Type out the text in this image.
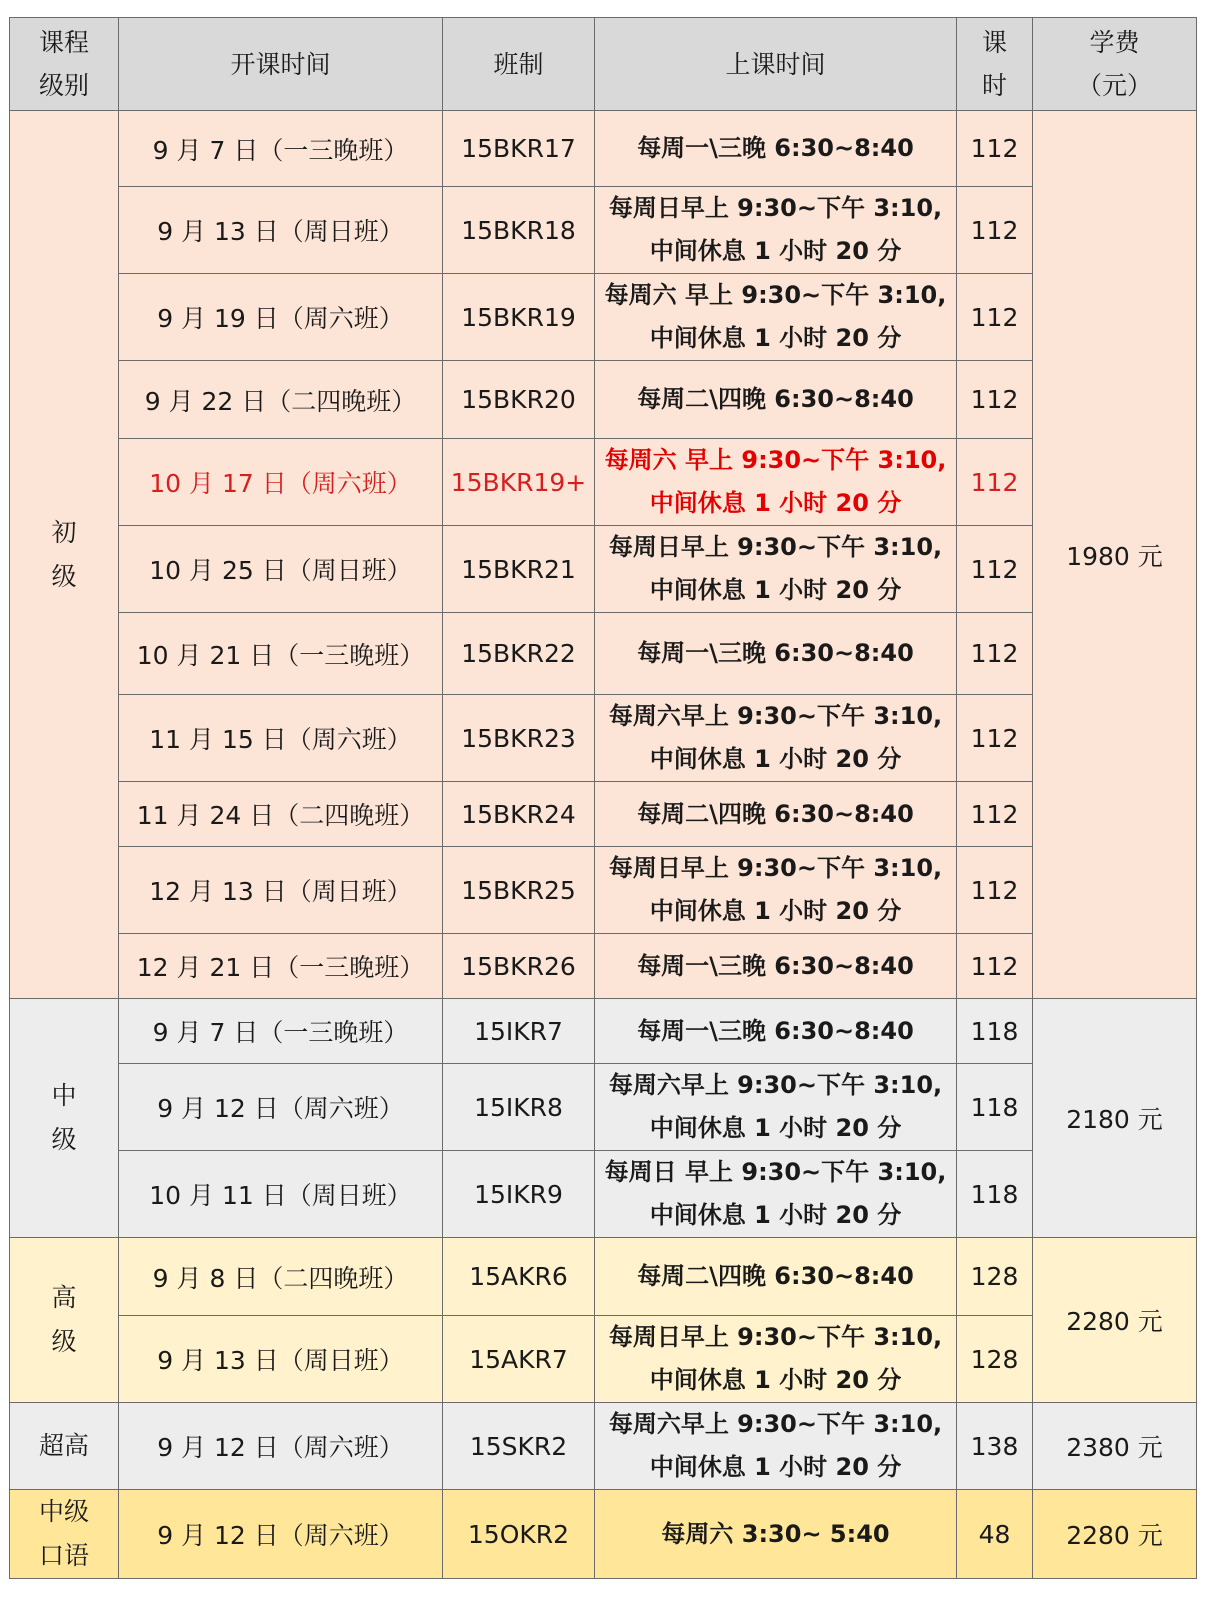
课程
级别	开课时间	班制	上课时间	课
时	学费
（元）
初
级	9 月 7 日（一三晚班）	15BKR17	每周一\三晚 6:30~8:40	112	1980 元
	9 月 13 日（周日班）	15BKR18	每周日早上 9:30~下午 3:10,
中间休息 1 小时 20 分	112	
	9 月 19 日（周六班）	15BKR19	每周六 早上 9:30~下午 3:10,
中间休息 1 小时 20 分	112	
	9 月 22 日（二四晚班）	15BKR20	每周二\四晚 6:30~8:40	112	
	10 月 17 日（周六班）	15BKR19+	每周六 早上 9:30~下午 3:10,
中间休息 1 小时 20 分	112	
	10 月 25 日（周日班）	15BKR21	每周日早上 9:30~下午 3:10,
中间休息 1 小时 20 分	112	
	10 月 21 日（一三晚班）	15BKR22	每周一\三晚 6:30~8:40	112	
	11 月 15 日（周六班）	15BKR23	每周六早上 9:30~下午 3:10,
中间休息 1 小时 20 分	112	
	11 月 24 日（二四晚班）	15BKR24	每周二\四晚 6:30~8:40	112	
	12 月 13 日（周日班）	15BKR25	每周日早上 9:30~下午 3:10,
中间休息 1 小时 20 分	112	
	12 月 21 日（一三晚班）	15BKR26	每周一\三晚 6:30~8:40	112	
中
级	9 月 7 日（一三晚班）	15IKR7	每周一\三晚 6:30~8:40	118	2180 元
	9 月 12 日（周六班）	15IKR8	每周六早上 9:30~下午 3:10,
中间休息 1 小时 20 分	118	
	10 月 11 日（周日班）	15IKR9	每周日 早上 9:30~下午 3:10,
中间休息 1 小时 20 分	118	
高
级	9 月 8 日（二四晚班）	15AKR6	每周二\四晚 6:30~8:40	128	2280 元
	9 月 13 日（周日班）	15AKR7	每周日早上 9:30~下午 3:10,
中间休息 1 小时 20 分	128	
超高	9 月 12 日（周六班）	15SKR2	每周六早上 9:30~下午 3:10,
中间休息 1 小时 20 分	138	2380 元
中级
口语	9 月 12 日（周六班）	15OKR2	每周六 3:30~ 5:40	48	2280 元
